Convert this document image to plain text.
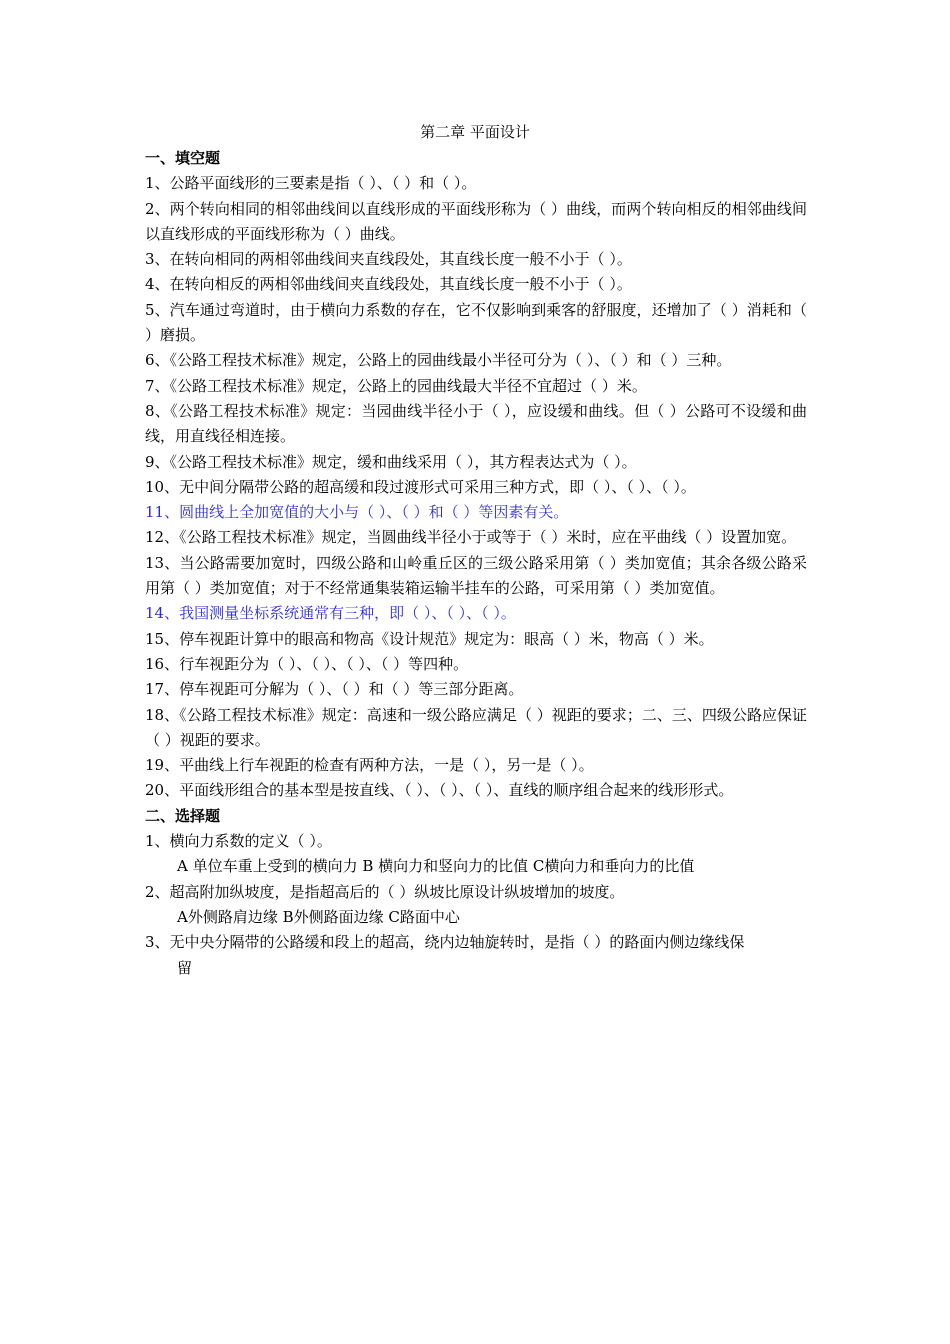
第二章 平面设计
一、填空题
1、公路平面线形的三要素是指（ ）、（ ）和（ ）。
2、两个转向相同的相邻曲线间以直线形成的平面线形称为（ ）曲线，而两个转向相反的相邻曲线间以直线形成的平面线形称为（ ）曲线。
3、在转向相同的两相邻曲线间夹直线段处，其直线长度一般不小于（ ）。
4、在转向相反的两相邻曲线间夹直线段处，其直线长度一般不小于（ ）。
5、汽车通过弯道时，由于横向力系数的存在，它不仅影响到乘客的舒服度，还增加了（ ）消耗和（ ）磨损。
6、《公路工程技术标准》规定，公路上的园曲线最小半径可分为（ ）、（ ）和（ ）三种。
7、《公路工程技术标准》规定，公路上的园曲线最大半径不宜超过（ ）米。
8、《公路工程技术标准》规定：当园曲线半径小于（ ），应设缓和曲线。但（ ）公路可不设缓和曲线，用直线径相连接。
9、《公路工程技术标准》规定，缓和曲线采用（ ），其方程表达式为（ ）。
10、无中间分隔带公路的超高缓和段过渡形式可采用三种方式，即（ ）、（ ）、（ ）。
11、圆曲线上全加宽值的大小与（ ）、（ ）和（ ）等因素有关。
12、《公路工程技术标准》规定，当圆曲线半径小于或等于（ ）米时，应在平曲线（ ）设置加宽。
13、当公路需要加宽时，四级公路和山岭重丘区的三级公路采用第（ ）类加宽值；其余各级公路采用第（ ）类加宽值；对于不经常通集装箱运输半挂车的公路，可采用第（ ）类加宽值。
14、我国测量坐标系统通常有三种，即（ ）、（ ）、（ ）。
15、停车视距计算中的眼高和物高《设计规范》规定为：眼高（ ）米，物高（ ）米。
16、行车视距分为（ ）、（ ）、（ ）、（ ）等四种。
17、停车视距可分解为（ ）、（ ）和（ ）等三部分距离。
18、《公路工程技术标准》规定：高速和一级公路应满足（ ）视距的要求；二、三、四级公路应保证（ ）视距的要求。
19、平曲线上行车视距的检查有两种方法，一是（ ），另一是（ ）。
20、平面线形组合的基本型是按直线、（ ）、（ ）、（ ）、直线的顺序组合起来的线形形式。
二、选择题
1、横向力系数的定义（ ）。
A 单位车重上受到的横向力 B 横向力和竖向力的比值 C横向力和垂向力的比值
2、超高附加纵坡度，是指超高后的（ ）纵坡比原设计纵坡增加的坡度。
A外侧路肩边缘 B外侧路面边缘 C路面中心
3、无中央分隔带的公路缓和段上的超高，绕内边轴旋转时，是指（ ）的路面内侧边缘线保
留
